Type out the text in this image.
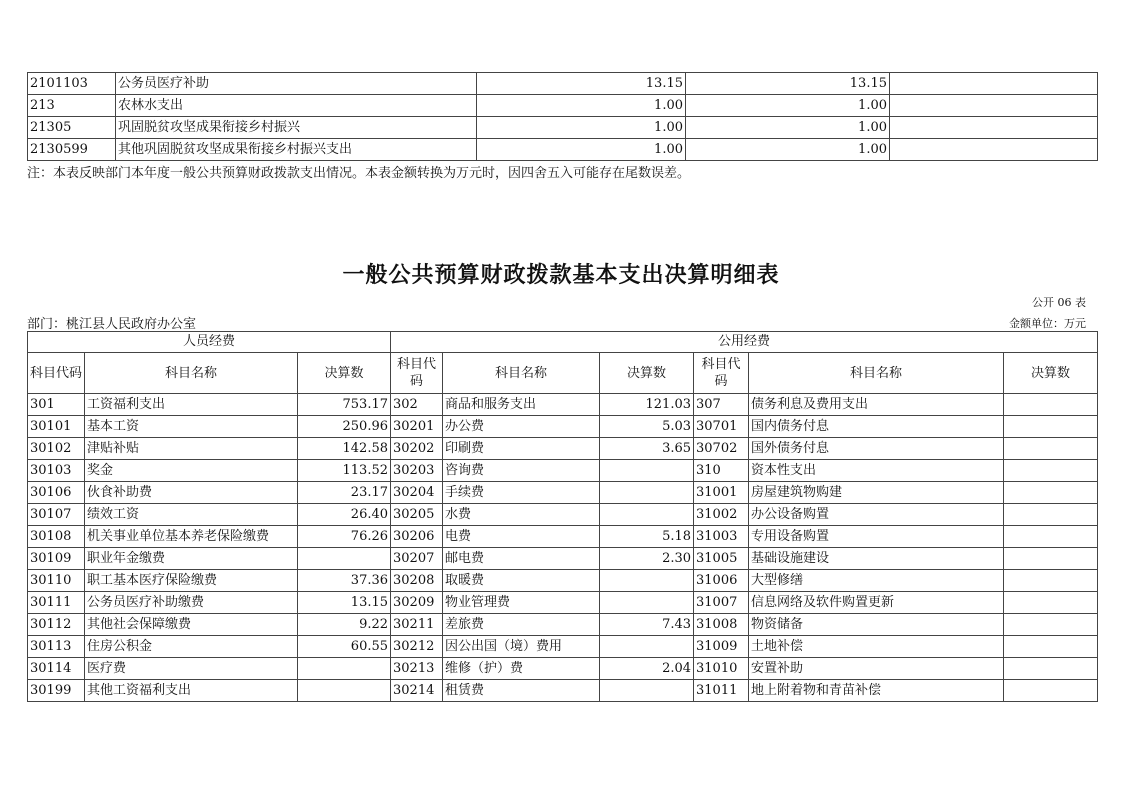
2101103	公务员医疗补助	13.15	13.15	
213	农林水支出	1.00	1.00	
21305	巩固脱贫攻坚成果衔接乡村振兴	1.00	1.00	
2130599	其他巩固脱贫攻坚成果衔接乡村振兴支出	1.00	1.00	
注：本表反映部门本年度一般公共预算财政拨款支出情况。本表金额转换为万元时，因四舍五入可能存在尾数误差。
一般公共预算财政拨款基本支出决算明细表
公开 06 表
部门：桃江县人民政府办公室	金额单位：万元
人员经费			公用经费					
科目代码	科目名称	决算数	科目代码	科目名称	决算数	科目代码	科目名称	决算数
301	工资福利支出	753.17	302	商品和服务支出	121.03	307	债务利息及费用支出	
30101	基本工资	250.96	30201	办公费	5.03	30701	国内债务付息	
30102	津贴补贴	142.58	30202	印刷费	3.65	30702	国外债务付息	
30103	奖金	113.52	30203	咨询费		310	资本性支出	
30106	伙食补助费	23.17	30204	手续费		31001	房屋建筑物购建	
30107	绩效工资	26.40	30205	水费		31002	办公设备购置	
30108	机关事业单位基本养老保险缴费	76.26	30206	电费	5.18	31003	专用设备购置	
30109	职业年金缴费		30207	邮电费	2.30	31005	基础设施建设	
30110	职工基本医疗保险缴费	37.36	30208	取暖费		31006	大型修缮	
30111	公务员医疗补助缴费	13.15	30209	物业管理费		31007	信息网络及软件购置更新	
30112	其他社会保障缴费	9.22	30211	差旅费	7.43	31008	物资储备	
30113	住房公积金	60.55	30212	因公出国（境）费用		31009	土地补偿	
30114	医疗费		30213	维修（护）费	2.04	31010	安置补助	
30199	其他工资福利支出		30214	租赁费		31011	地上附着物和青苗补偿	
